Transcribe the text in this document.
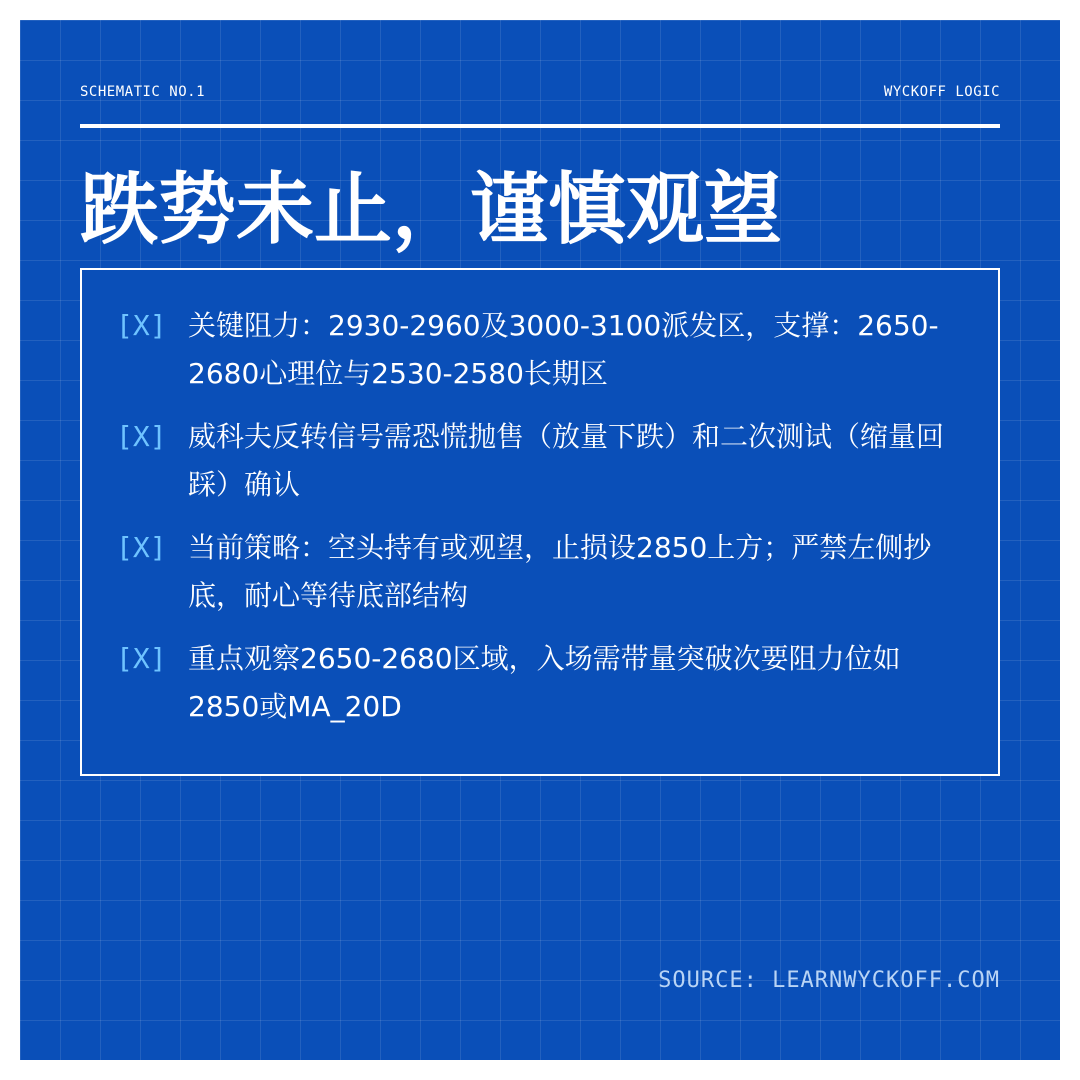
SCHEMATIC NO.1	WYCKOFF LOGIC
跌势未止，谨慎观望
[X] 关键阻力：2930-2960及3000-3100派发区，支撑：2650-2680心理位与2530-2580长期区
[X] 威科夫反转信号需恐慌抛售（放量下跌）和二次测试（缩量回踩）确认
[X] 当前策略：空头持有或观望，止损设2850上方；严禁左侧抄底，耐心等待底部结构
[X] 重点观察2650-2680区域，入场需带量突破次要阻力位如2850或MA_20D
SOURCE: LEARNWYCKOFF.COM
